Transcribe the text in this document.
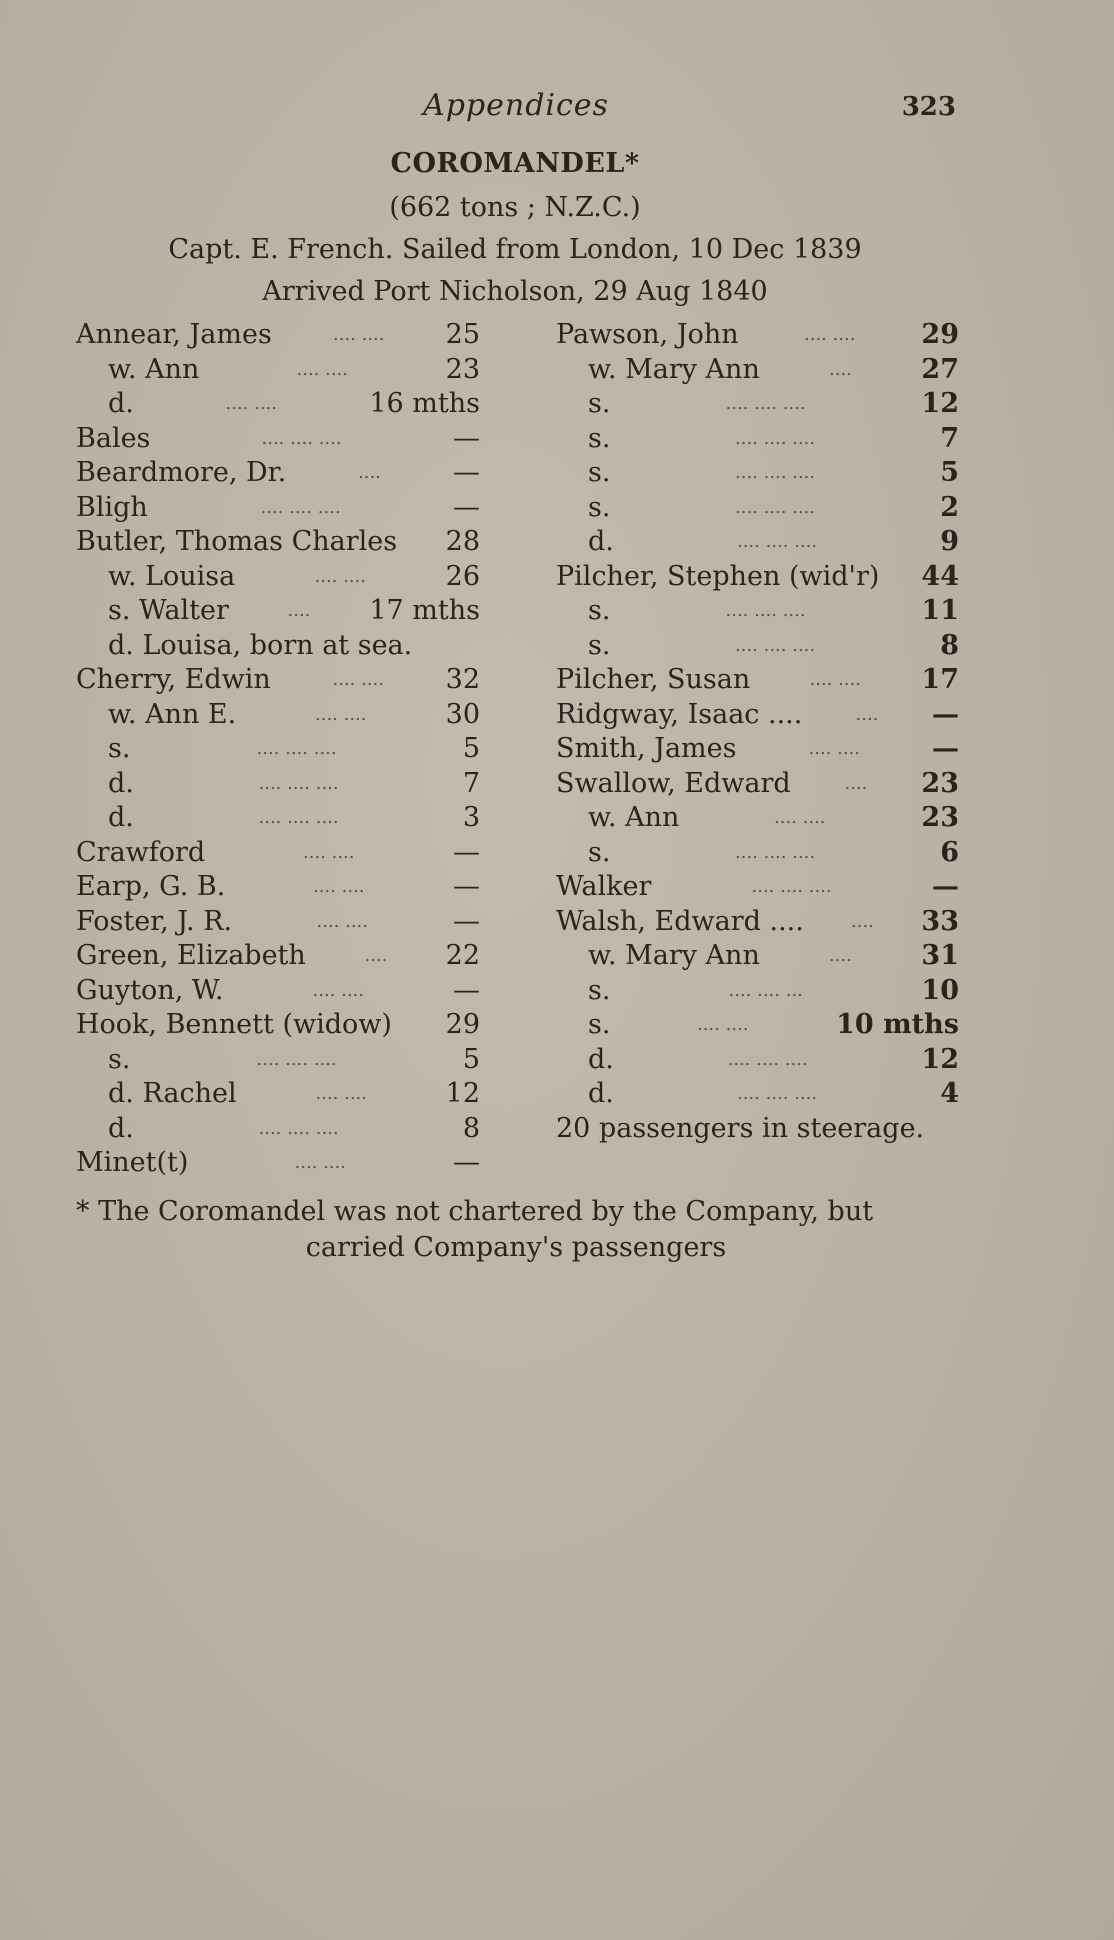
Appendices	323
COROMANDEL*
(662 tons ; N.Z.C.)
Capt. E. French. Sailed from London, 10 Dec 1839
Arrived Port Nicholson, 29 Aug 1840
Annear, James	.... .... 25
w. Ann	.... ....	23
d.	.... ....	16 mths
Bales	.... .... ....	—
Beardmore, Dr.	....	—
Bligh	.... .... ....	—
Butler, Thomas Charles 28
w. Louisa	.... ....	26
s. Walter	.... 17 mths
d. Louisa, born at sea.
Cherry, Edwin	.... .... 32
w. Ann E.	.... ....	30
s.	.... .... ....	5
d.	.... .... ....	7
d.	.... .... ....	3
Crawford	.... ....	—
Earp, G. B.	.... ....	—
Foster, J. R.	.... ....	—
Green, Elizabeth	.... 22
Guyton, W.	.... ....	—
Hook, Bennett (widow) 29
s.	.... .... ....	5
d. Rachel	.... ....	12
d.	.... .... ....	8
Minet(t)	.... ....	—
Pawson, John	.... .... 29
w. Mary Ann	....	27
s.	.... .... ....	12
s.	.... .... ....	7
s.	.... .... ....	5
s.	.... .... ....	2
d.	.... .... ....	9
Pilcher, Stephen (wid'r) 44
s.	.... .... ....	11
s.	.... .... ....	8
Pilcher, Susan	.... .... 17
Ridgway, Isaac ....	.... —
Smith, James	.... ....	—
Swallow, Edward	.... 23
w. Ann	.... ....	23
s.	.... .... ....	6
Walker	.... .... ....	—
Walsh, Edward ....	.... 33
w. Mary Ann	....	31
s.	.... .... ...	10
s.	.... ....	10 mths
d.	.... .... ....	12
d.	.... .... ....	4
20 passengers in steerage.
* The Coromandel was not chartered by the Company, but
carried Company's passengers
